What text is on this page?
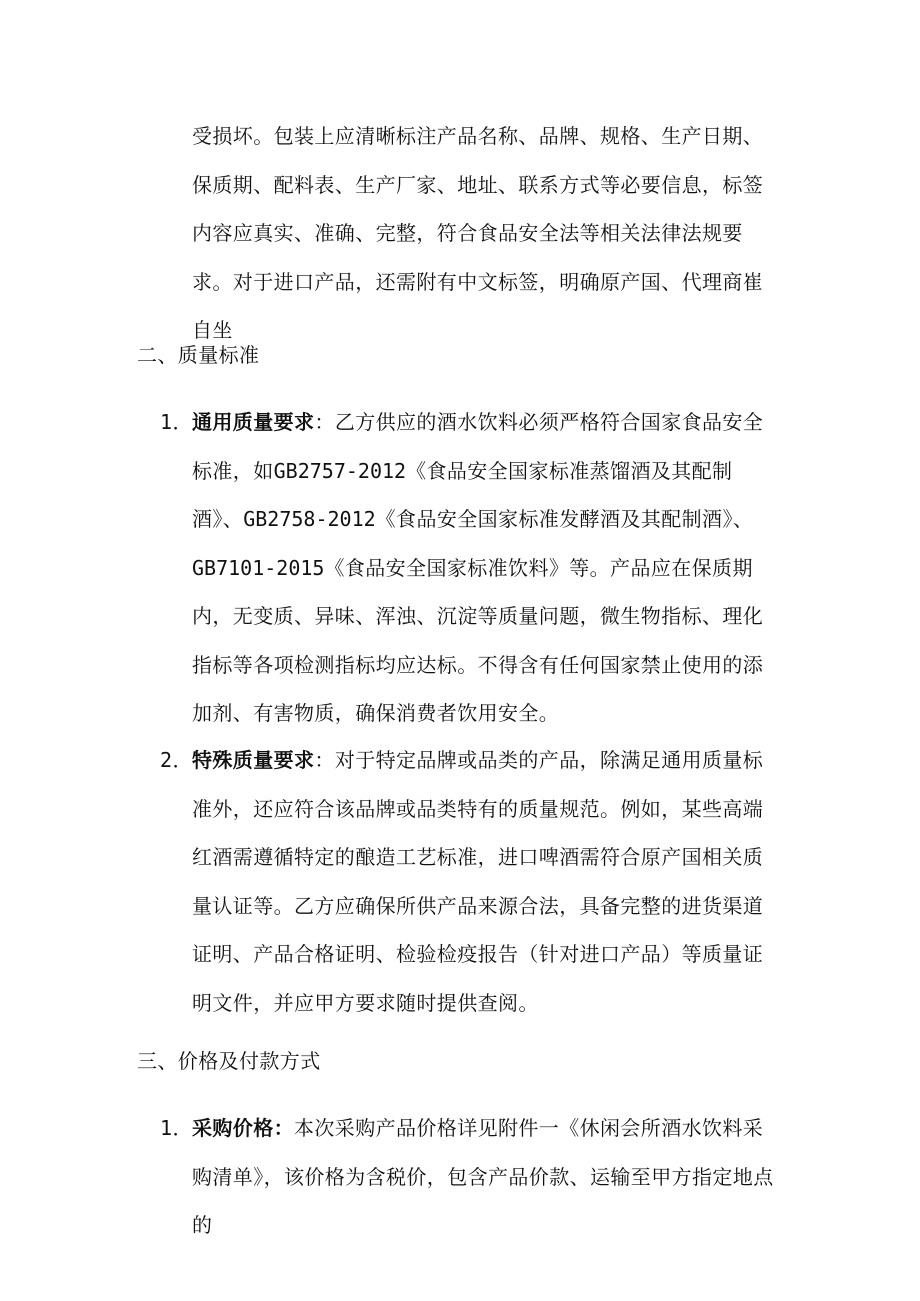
受损坏。包装上应清晰标注产品名称、品牌、规格、生产日期、保质期、配料表、生产厂家、地址、联系方式等必要信息，标签内容应真实、准确、完整，符合食品安全法等相关法律法规要求。对于进口产品，还需附有中文标签，明确原产国、代理商崔自坐

二、质量标准
1． 通用质量要求：乙方供应的酒水饮料必须严格符合国家食品安全标准，如GB2757-2012《食品安全国家标准蒸馏酒及其配制酒》、GB2758-2012《食品安全国家标准发酵酒及其配制酒》、GB7101-2015《食品安全国家标准饮料》等。产品应在保质期内，无变质、异味、浑浊、沉淀等质量问题，微生物指标、理化指标等各项检测指标均应达标。不得含有任何国家禁止使用的添加剂、有害物质，确保消费者饮用安全。
2． 特殊质量要求：对于特定品牌或品类的产品，除满足通用质量标准外，还应符合该品牌或品类特有的质量规范。例如，某些高端红酒需遵循特定的酿造工艺标准，进口啤酒需符合原产国相关质量认证等。乙方应确保所供产品来源合法，具备完整的进货渠道证明、产品合格证明、检验检疫报告（针对进口产品）等质量证明文件，并应甲方要求随时提供查阅。
三、价格及付款方式
1． 采购价格：本次采购产品价格详见附件一《休闲会所酒水饮料采购清单》，该价格为含税价，包含产品价款、运输至甲方指定地点的
